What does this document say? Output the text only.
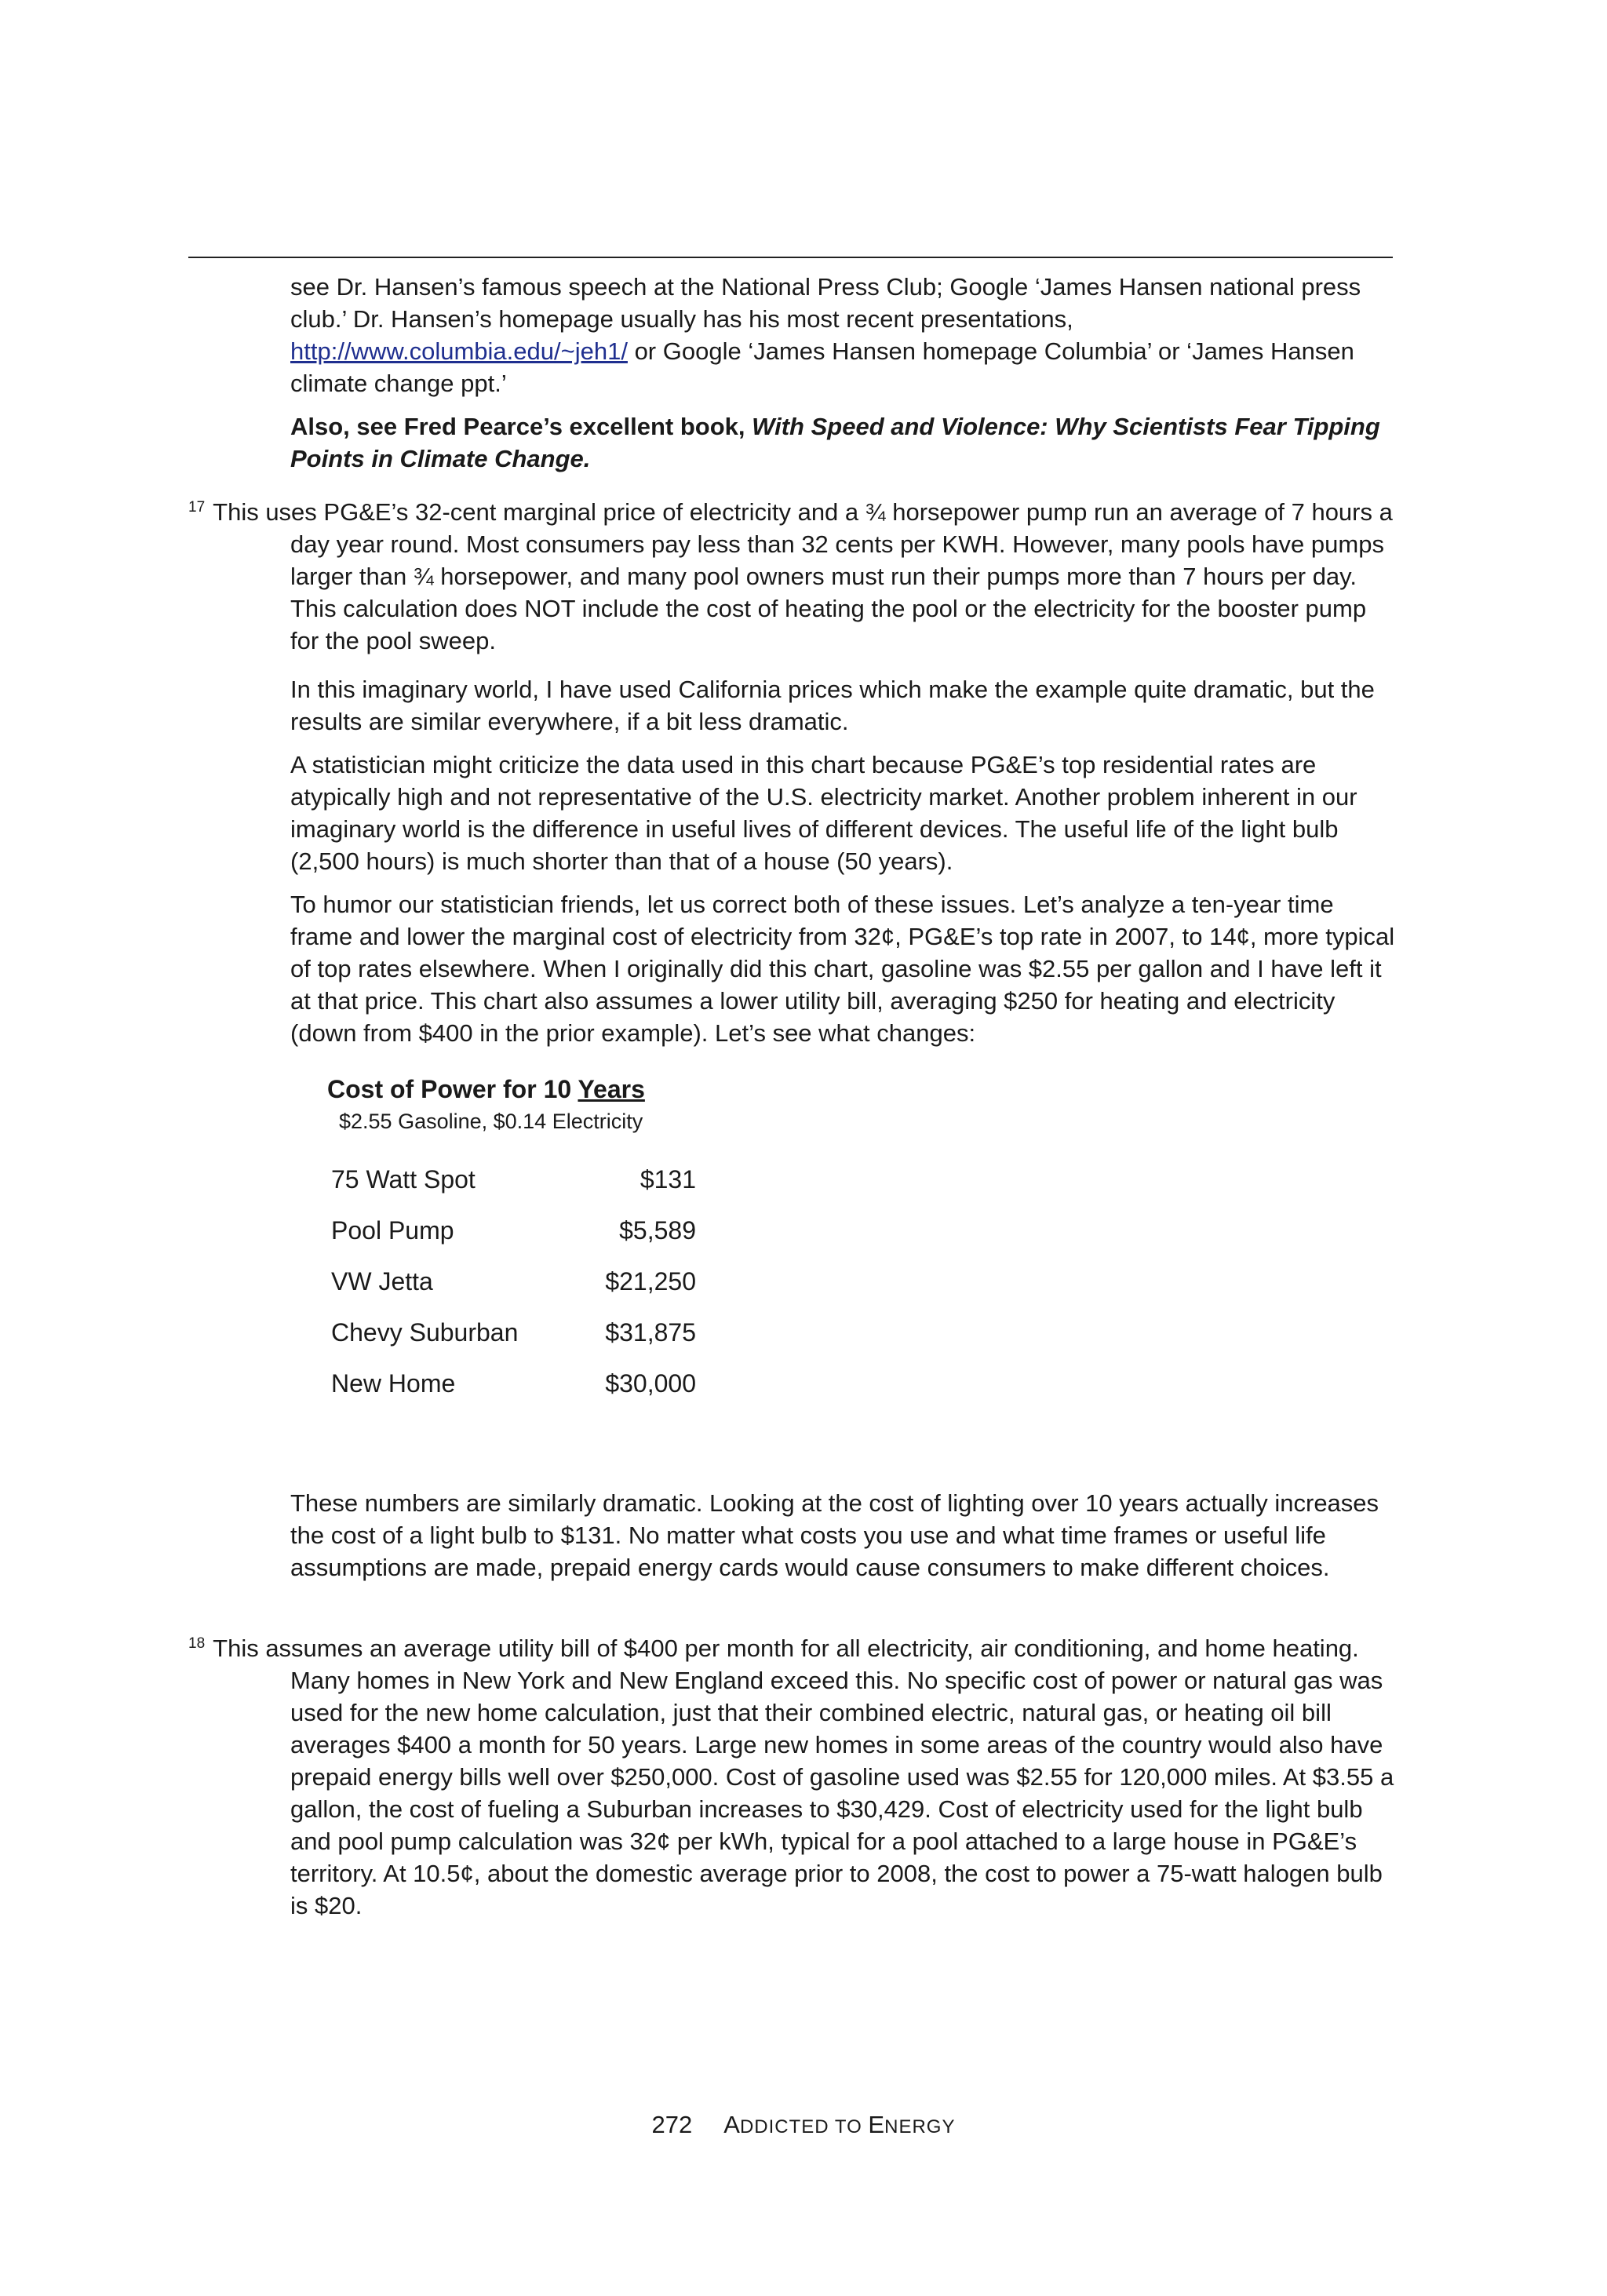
see Dr. Hansen’s famous speech at the National Press Club; Google ‘James Hansen national press club.’ Dr. Hansen’s homepage usually has his most recent presentations, http://www.columbia.edu/~jeh1/ or Google ‘James Hansen homepage Columbia’ or ‘James Hansen climate change ppt.’

Also, see Fred Pearce’s excellent book, With Speed and Violence: Why Scientists Fear Tipping Points in Climate Change.

$^{17}$ This uses PG&E’s 32-cent marginal price of electricity and a ¾ horsepower pump run an average of 7 hours a day year round. Most consumers pay less than 32 cents per KWH. However, many pools have pumps larger than ¾ horsepower, and many pool owners must run their pumps more than 7 hours per day. This calculation does NOT include the cost of heating the pool or the electricity for the booster pump for the pool sweep.

In this imaginary world, I have used California prices which make the example quite dramatic, but the results are similar everywhere, if a bit less dramatic.

A statistician might criticize the data used in this chart because PG&E’s top residential rates are atypically high and not representative of the U.S. electricity market. Another problem inherent in our imaginary world is the difference in useful lives of different devices. The useful life of the light bulb (2,500 hours) is much shorter than that of a house (50 years).

To humor our statistician friends, let us correct both of these issues. Let’s analyze a ten-year time frame and lower the marginal cost of electricity from 32¢, PG&E’s top rate in 2007, to 14¢, more typical of top rates elsewhere. When I originally did this chart, gasoline was $2.55 per gallon and I have left it at that price. This chart also assumes a lower utility bill, averaging $250 for heating and electricity (down from $400 in the prior example). Let’s see what changes:

Cost of Power for 10 Years
$2.55 Gasoline, $0.14 Electricity
75 Watt Spot	$131
Pool Pump	$5,589
VW Jetta	$21,250
Chevy Suburban	$31,875
New Home	$30,000

These numbers are similarly dramatic. Looking at the cost of lighting over 10 years actually increases the cost of a light bulb to $131. No matter what costs you use and what time frames or useful life assumptions are made, prepaid energy cards would cause consumers to make different choices.

$^{18}$ This assumes an average utility bill of $400 per month for all electricity, air conditioning, and home heating. Many homes in New York and New England exceed this. No specific cost of power or natural gas was used for the new home calculation, just that their combined electric, natural gas, or heating oil bill averages $400 a month for 50 years. Large new homes in some areas of the country would also have prepaid energy bills well over $250,000. Cost of gasoline used was $2.55 for 120,000 miles. At $3.55 a gallon, the cost of fueling a Suburban increases to $30,429. Cost of electricity used for the light bulb and pool pump calculation was 32¢ per kWh, typical for a pool attached to a large house in PG&E’s territory. At 10.5¢, about the domestic average prior to 2008, the cost to power a 75-watt halogen bulb is $20.

272 ADDICTED TO ENERGY
